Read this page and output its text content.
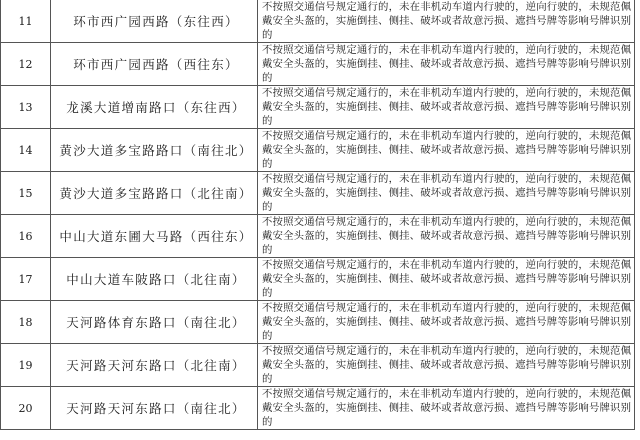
11	环市西广园西路（东往西）	不按照交通信号规定通行的，未在非机动车道内行驶的，逆向行驶的，未规范佩戴安全头盔的，实施倒挂、侧挂、破坏或者故意污损、遮挡号牌等影响号牌识别的
12	环市西广园西路（西往东）	不按照交通信号规定通行的，未在非机动车道内行驶的，逆向行驶的，未规范佩戴安全头盔的，实施倒挂、侧挂、破坏或者故意污损、遮挡号牌等影响号牌识别的
13	龙溪大道增南路口（东往西）	不按照交通信号规定通行的，未在非机动车道内行驶的，逆向行驶的，未规范佩戴安全头盔的，实施倒挂、侧挂、破坏或者故意污损、遮挡号牌等影响号牌识别的
14	黄沙大道多宝路路口（南往北）	不按照交通信号规定通行的，未在非机动车道内行驶的，逆向行驶的，未规范佩戴安全头盔的，实施倒挂、侧挂、破坏或者故意污损、遮挡号牌等影响号牌识别的
15	黄沙大道多宝路路口（北往南）	不按照交通信号规定通行的，未在非机动车道内行驶的，逆向行驶的，未规范佩戴安全头盔的，实施倒挂、侧挂、破坏或者故意污损、遮挡号牌等影响号牌识别的
16	中山大道东圃大马路（西往东）	不按照交通信号规定通行的，未在非机动车道内行驶的，逆向行驶的，未规范佩戴安全头盔的，实施倒挂、侧挂、破坏或者故意污损、遮挡号牌等影响号牌识别的
17	中山大道车陂路口（北往南）	不按照交通信号规定通行的，未在非机动车道内行驶的，逆向行驶的，未规范佩戴安全头盔的，实施倒挂、侧挂、破坏或者故意污损、遮挡号牌等影响号牌识别的
18	天河路体育东路口（南往北）	不按照交通信号规定通行的，未在非机动车道内行驶的，逆向行驶的，未规范佩戴安全头盔的，实施倒挂、侧挂、破坏或者故意污损、遮挡号牌等影响号牌识别的
19	天河路天河东路口（北往南）	不按照交通信号规定通行的，未在非机动车道内行驶的，逆向行驶的，未规范佩戴安全头盔的，实施倒挂、侧挂、破坏或者故意污损、遮挡号牌等影响号牌识别的
20	天河路天河东路口（南往北）	不按照交通信号规定通行的，未在非机动车道内行驶的，逆向行驶的，未规范佩戴安全头盔的，实施倒挂、侧挂、破坏或者故意污损、遮挡号牌等影响号牌识别的
